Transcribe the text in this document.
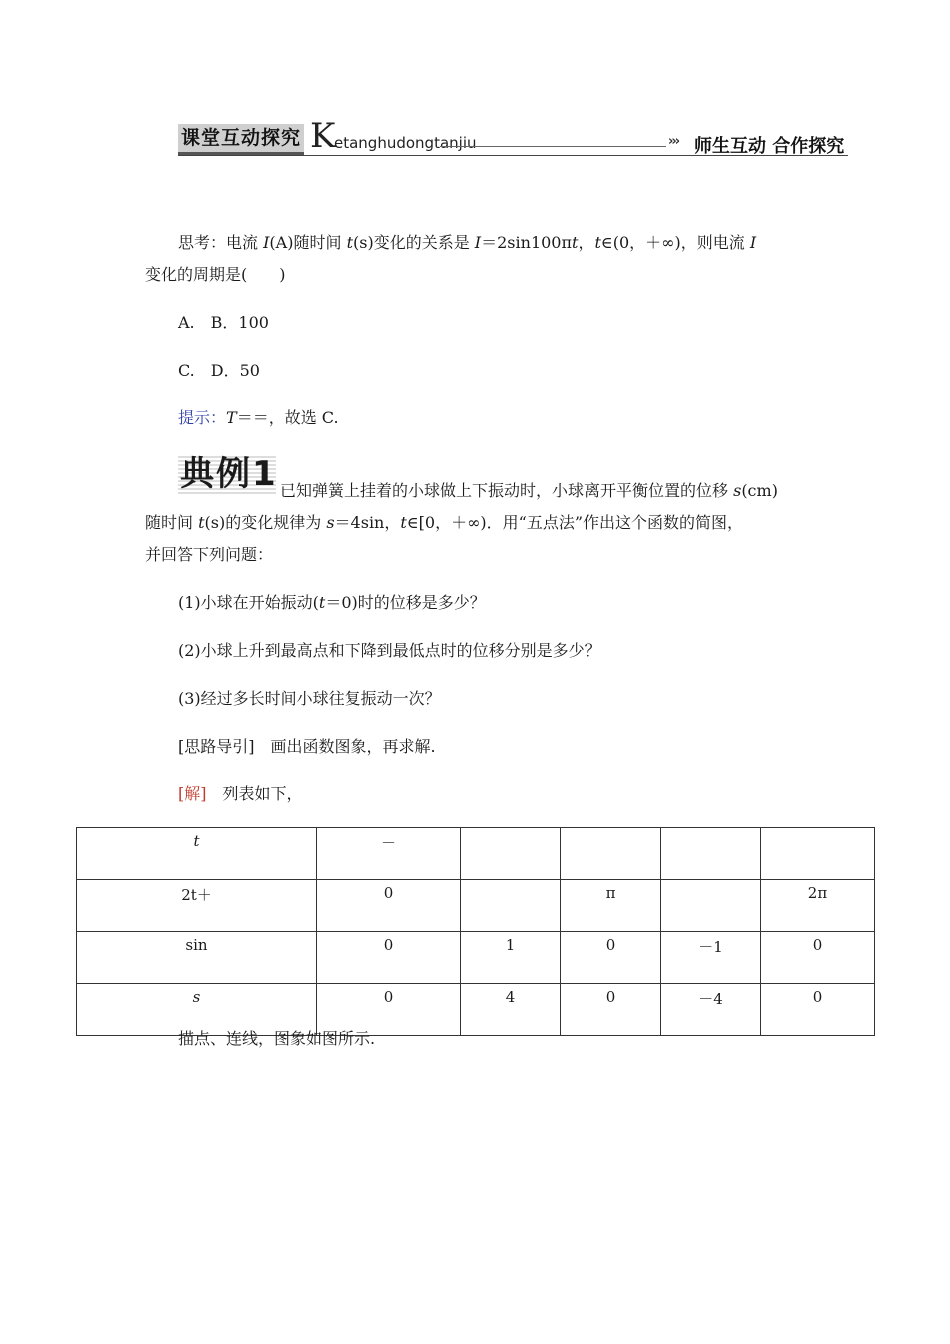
课堂互动探究 K
etanghudongtanjiu	››› 师生互动 合作探究
思考：电流 I(A)随时间 t(s)变化的关系是 I＝2sin100πt，t∈(0，＋∞)，则电流 I
变化的周期是(　　)
A.　B．100
C.　D．50
提示：T＝＝，故选 C.
典例1 已知弹簧上挂着的小球做上下振动时，小球离开平衡位置的位移 s(cm)
随时间 t(s)的变化规律为 s＝4sin，t∈[0，＋∞)．用“五点法”作出这个函数的简图，
并回答下列问题：
(1)小球在开始振动(t＝0)时的位移是多少？
(2)小球上升到最高点和下降到最低点时的位移分别是多少？
(3)经过多长时间小球往复振动一次？
[思路导引]　画出函数图象，再求解.
[解]　列表如下，
t	－				
2t＋	0		π		2π
sin	0	1	0	－1	0
s	0	4	0	－4	0
描点、连线，图象如图所示.
